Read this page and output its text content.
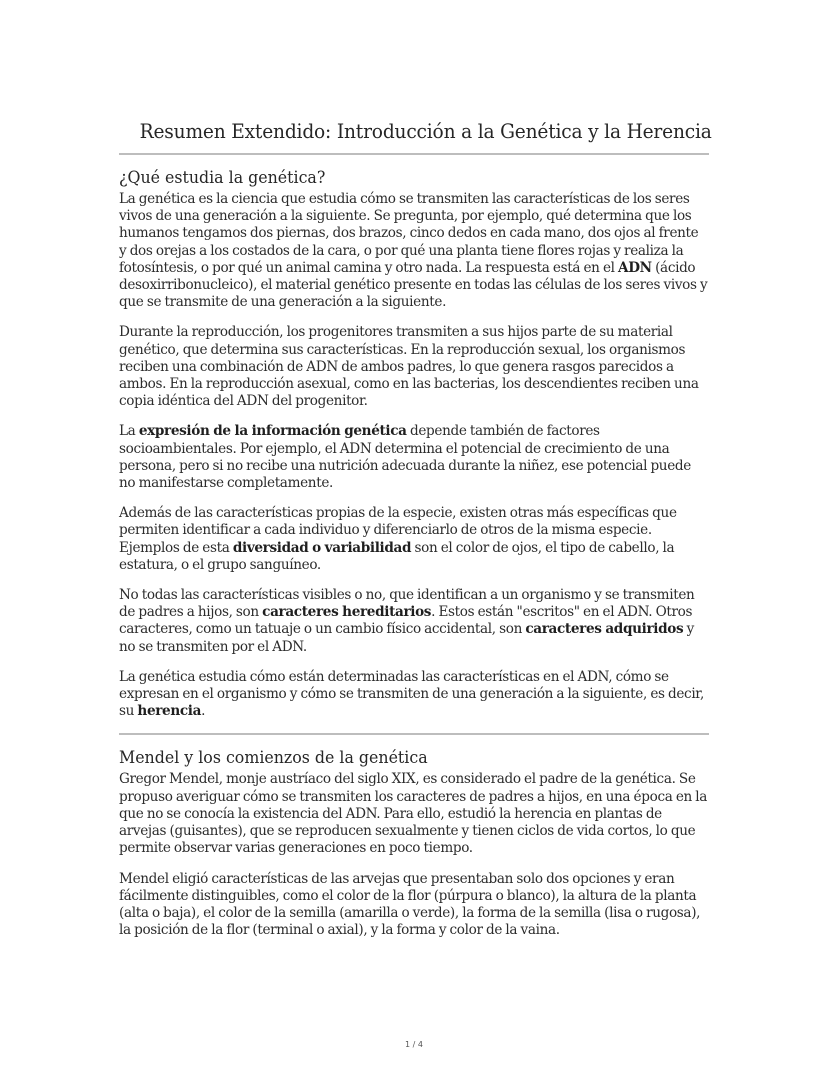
Resumen Extendido: Introducción a la Genética y la Herencia
¿Qué estudia la genética?

La genética es la ciencia que estudia cómo se transmiten las características de los seres vivos de una generación a la siguiente. Se pregunta, por ejemplo, qué determina que los humanos tengamos dos piernas, dos brazos, cinco dedos en cada mano, dos ojos al frente y dos orejas a los costados de la cara, o por qué una planta tiene flores rojas y realiza la fotosíntesis, o por qué un animal camina y otro nada. La respuesta está en el ADN (ácido desoxirribonucleico), el material genético presente en todas las células de los seres vivos y que se transmite de una generación a la siguiente.

Durante la reproducción, los progenitores transmiten a sus hijos parte de su material genético, que determina sus características. En la reproducción sexual, los organismos reciben una combinación de ADN de ambos padres, lo que genera rasgos parecidos a ambos. En la reproducción asexual, como en las bacterias, los descendientes reciben una copia idéntica del ADN del progenitor.

La expresión de la información genética depende también de factores socioambientales. Por ejemplo, el ADN determina el potencial de crecimiento de una persona, pero si no recibe una nutrición adecuada durante la niñez, ese potencial puede no manifestarse completamente.

Además de las características propias de la especie, existen otras más específicas que permiten identificar a cada individuo y diferenciarlo de otros de la misma especie. Ejemplos de esta diversidad o variabilidad son el color de ojos, el tipo de cabello, la estatura, o el grupo sanguíneo.

No todas las características visibles o no, que identifican a un organismo y se transmiten de padres a hijos, son caracteres hereditarios. Estos están "escritos" en el ADN. Otros caracteres, como un tatuaje o un cambio físico accidental, son caracteres adquiridos y no se transmiten por el ADN.

La genética estudia cómo están determinadas las características en el ADN, cómo se expresan en el organismo y cómo se transmiten de una generación a la siguiente, es decir, su herencia.

Mendel y los comienzos de la genética

Gregor Mendel, monje austríaco del siglo XIX, es considerado el padre de la genética. Se propuso averiguar cómo se transmiten los caracteres de padres a hijos, en una época en la que no se conocía la existencia del ADN. Para ello, estudió la herencia en plantas de arvejas (guisantes), que se reproducen sexualmente y tienen ciclos de vida cortos, lo que permite observar varias generaciones en poco tiempo.

Mendel eligió características de las arvejas que presentaban solo dos opciones y eran fácilmente distinguibles, como el color de la flor (púrpura o blanco), la altura de la planta (alta o baja), el color de la semilla (amarilla o verde), la forma de la semilla (lisa o rugosa), la posición de la flor (terminal o axial), y la forma y color de la vaina.

1 / 4
